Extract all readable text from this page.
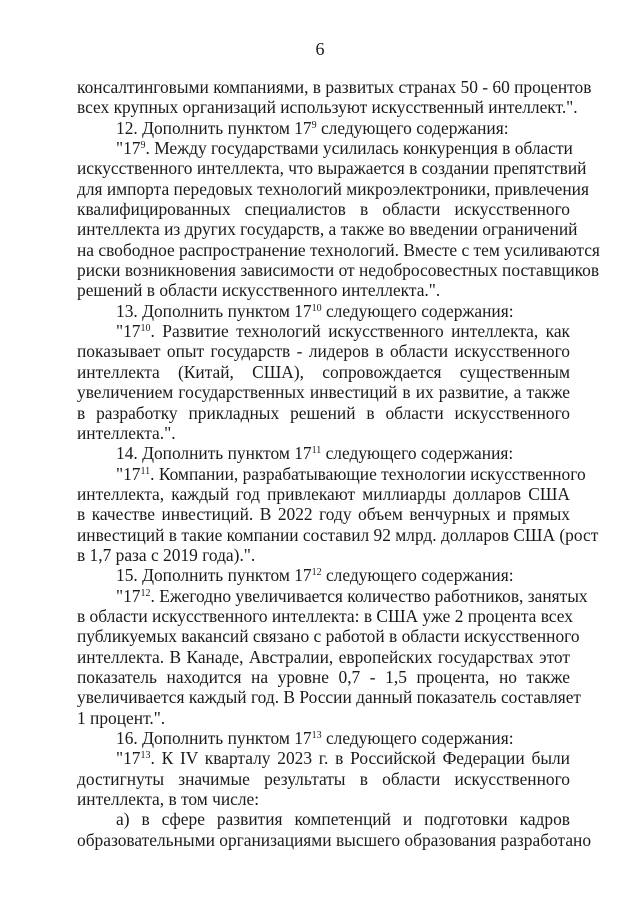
6
консалтинговыми компаниями, в развитых странах 50 - 60 процентов
всех крупных организаций используют искусственный интеллект.".
12. Дополнить пунктом $17^9$ следующего содержания:
"$17^9$. Между государствами усилилась конкуренция в области
искусственного интеллекта, что выражается в создании препятствий
для импорта передовых технологий микроэлектроники, привлечения
квалифицированных специалистов в области искусственного
интеллекта из других государств, а также во введении ограничений
на свободное распространение технологий. Вместе с тем усиливаются
риски возникновения зависимости от недобросовестных поставщиков
решений в области искусственного интеллекта.".
13. Дополнить пунктом $17^{10}$ следующего содержания:
"$17^{10}$. Развитие технологий искусственного интеллекта, как
показывает опыт государств - лидеров в области искусственного
интеллекта (Китай, США), сопровождается существенным
увеличением государственных инвестиций в их развитие, а также
в разработку прикладных решений в области искусственного
интеллекта.".
14. Дополнить пунктом $17^{11}$ следующего содержания:
"$17^{11}$. Компании, разрабатывающие технологии искусственного
интеллекта, каждый год привлекают миллиарды долларов США
в качестве инвестиций. В 2022 году объем венчурных и прямых
инвестиций в такие компании составил 92 млрд. долларов США (рост
в 1,7 раза с 2019 года).".
15. Дополнить пунктом $17^{12}$ следующего содержания:
"$17^{12}$. Ежегодно увеличивается количество работников, занятых
в области искусственного интеллекта: в США уже 2 процента всех
публикуемых вакансий связано с работой в области искусственного
интеллекта. В Канаде, Австралии, европейских государствах этот
показатель находится на уровне 0,7 - 1,5 процента, но также
увеличивается каждый год. В России данный показатель составляет
1 процент.".
16. Дополнить пунктом $17^{13}$ следующего содержания:
"$17^{13}$. К IV кварталу 2023 г. в Российской Федерации были
достигнуты значимые результаты в области искусственного
интеллекта, в том числе:
а) в сфере развития компетенций и подготовки кадров
образовательными организациями высшего образования разработано
